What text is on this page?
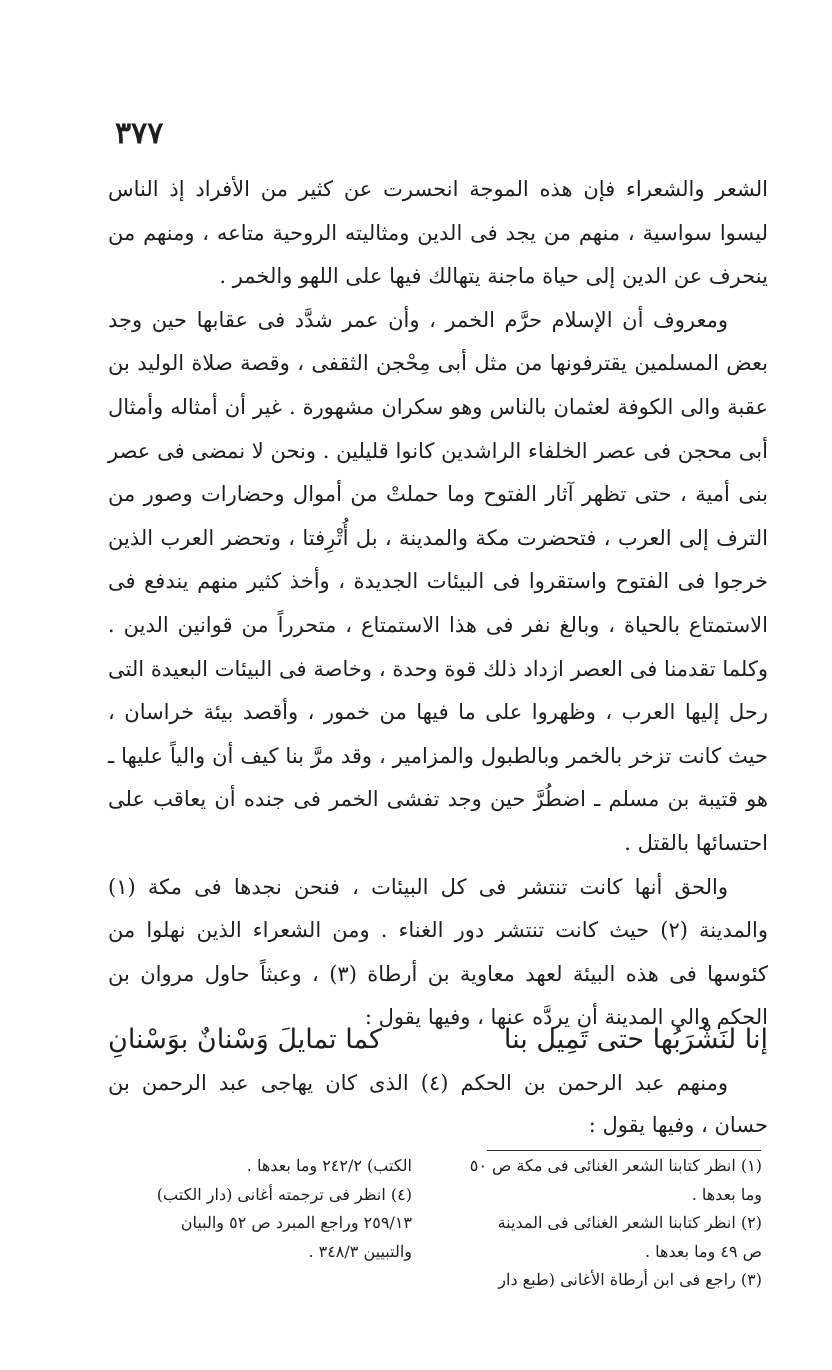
٣٧٧

الشعر والشعراء فإن هذه الموجة انحسرت عن كثير من الأفراد إذ الناس ليسوا سواسية ، منهم من يجد فى الدين ومثاليته الروحية متاعه ، ومنهم من ينحرف عن الدين إلى حياة ماجنة يتهالك فيها على اللهو والخمر .

ومعروف أن الإسلام حرَّم الخمر ، وأن عمر شدَّد فى عقابها حين وجد بعض المسلمين يقترفونها من مثل أبى مِحْجن الثقفى ، وقصة صلاة الوليد بن عقبة والى الكوفة لعثمان بالناس وهو سكران مشهورة . غير أن أمثاله وأمثال أبى محجن فى عصر الخلفاء الراشدين كانوا قليلين . ونحن لا نمضى فى عصر بنى أمية ، حتى تظهر آثار الفتوح وما حملتْ من أموال وحضارات وصور من الترف إلى العرب ، فتحضرت مكة والمدينة ، بل أُتْرِفتا ، وتحضر العرب الذين خرجوا فى الفتوح واستقروا فى البيئات الجديدة ، وأخذ كثير منهم يندفع فى الاستمتاع بالحياة ، وبالغ نفر فى هذا الاستمتاع ، متحرراً من قوانين الدين . وكلما تقدمنا فى العصر ازداد ذلك قوة وحدة ، وخاصة فى البيئات البعيدة التى رحل إليها العرب ، وظهروا على ما فيها من خمور ، وأقصد بيئة خراسان ، حيث كانت تزخر بالخمر وبالطبول والمزامير ، وقد مرَّ بنا كيف أن والياً عليها ـ هو قتيبة بن مسلم ـ اضطُرَّ حين وجد تفشى الخمر فى جنده أن يعاقب على احتسائها بالقتل .

والحق أنها كانت تنتشر فى كل البيئات ، فنحن نجدها فى مكة (١) والمدينة (٢) حيث كانت تنتشر دور الغناء . ومن الشعراء الذين نهلوا من كئوسها فى هذه البيئة لعهد معاوية بن أرطاة (٣) ، وعبثاً حاول مروان بن الحكم والى المدينة أن يردَّه عنها ، وفيها يقول :

إنا لنَشْرَبُها حتى تَمِيل بنا
كما تمايلَ وَسْنانٌ بوَسْنانِ

ومنهم عبد الرحمن بن الحكم (٤) الذى كان يهاجى عبد الرحمن بن حسان ، وفيها يقول :

(١) انظر كتابنا الشعر الغنائى فى مكة ص ٥٠
وما بعدها .
(٢) انظر كتابنا الشعر الغنائى فى المدينة
ص ٤٩ وما بعدها .
(٣) راجع فى ابن أرطاة الأغانى (طبع دار
الكتب) ٢٤٢/٢ وما بعدها .
(٤) انظر فى ترجمته أغانى (دار الكتب)
٢٥٩/١٣ وراجع المبرد ص ٥٢ والبيان
والتبيين ٣٤٨/٣ .
